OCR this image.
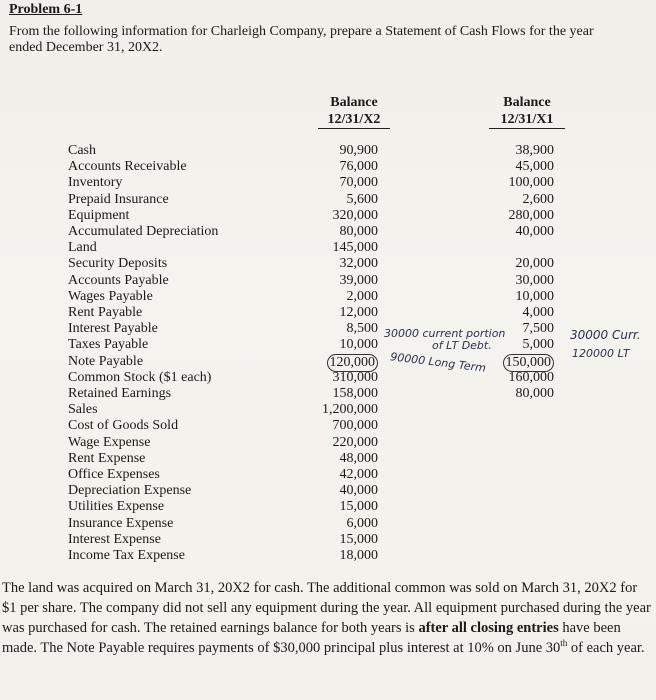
Problem 6-1
From the following information for Charleigh Company, prepare a Statement of Cash Flows for the year ended December 31, 20X2.
Balance
12/31/X2
Balance
12/31/X1
Cash	90,900	38,900
Accounts Receivable	76,000	45,000
Inventory	70,000	100,000
Prepaid Insurance	5,600	2,600
Equipment	320,000	280,000
Accumulated Depreciation	80,000	40,000
Land	145,000
Security Deposits	32,000	20,000
Accounts Payable	39,000	30,000
Wages Payable	2,000	10,000
Rent Payable	12,000	4,000
Interest Payable	8,500	7,500
Taxes Payable	10,000	5,000
Note Payable	120,000	150,000
Common Stock ($1 each)	310,000	160,000
Retained Earnings	158,000	80,000
Sales	1,200,000
Cost of Goods Sold	700,000
Wage Expense	220,000
Rent Expense	48,000
Office Expenses	42,000
Depreciation Expense	40,000
Utilities Expense	15,000
Insurance Expense	6,000
Interest Expense	15,000
Income Tax Expense	18,000
30000 current portion
of LT Debt.
90000 Long Term
30000 Curr.
120000 LT
The land was acquired on March 31, 20X2 for cash. The additional common was sold on March 31, 20X2 for $1 per share. The company did not sell any equipment during the year. All equipment purchased during the year was purchased for cash. The retained earnings balance for both years is after all closing entries have been made. The Note Payable requires payments of $30,000 principal plus interest at 10% on June 30th of each year.
